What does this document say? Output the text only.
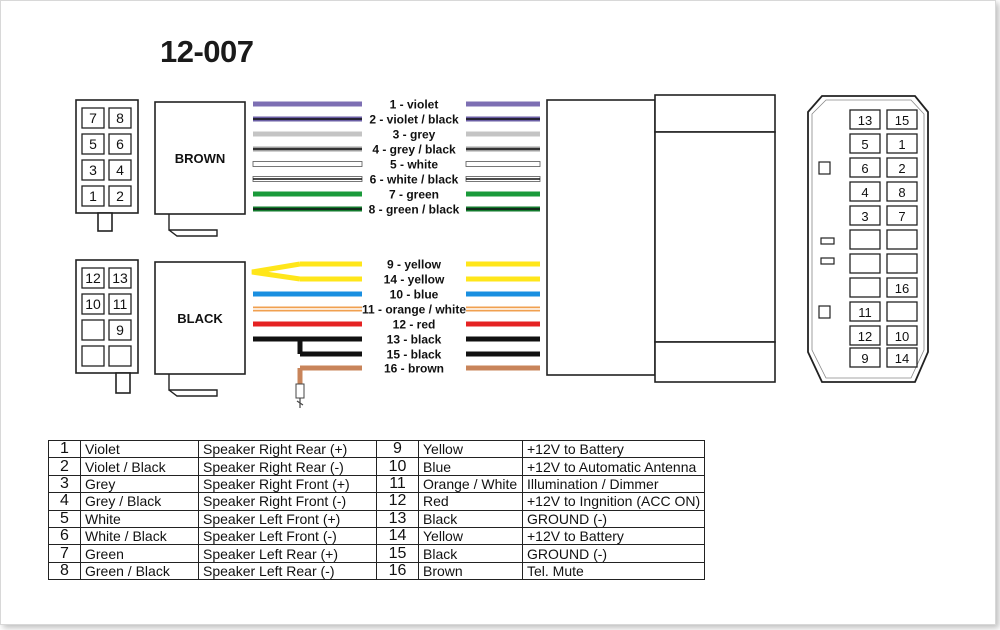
7 8
5 6
3 4
1 2
12 13
10 11
9
BROWN
BLACK
1 - violet
2 - violet / black
3 - grey
4 - grey / black
5 - white
6 - white / black
7 - green
8 - green / black
9 - yellow
14 - yellow
10 - blue
11 - orange / white
12 - red
13 - black
15 - black
16 - brown
13 15
5 1
6 2
4 8
3 7
16
11
12 10
9 14
12-007
1	Violet	Speaker Right Rear (+)	9	Yellow	+12V to Battery
2	Violet / Black	Speaker Right Rear (-)	10	Blue	+12V to Automatic Antenna
3	Grey	Speaker Right Front (+)	11	Orange / White	Illumination / Dimmer
4	Grey / Black	Speaker Right Front (-)	12	Red	+12V to Ingnition (ACC ON)
5	White	Speaker Left Front (+)	13	Black	GROUND (-)
6	White / Black	Speaker Left Front (-)	14	Yellow	+12V to Battery
7	Green	Speaker Left Rear (+)	15	Black	GROUND (-)
8	Green / Black	Speaker Left Rear (-)	16	Brown	Tel. Mute
